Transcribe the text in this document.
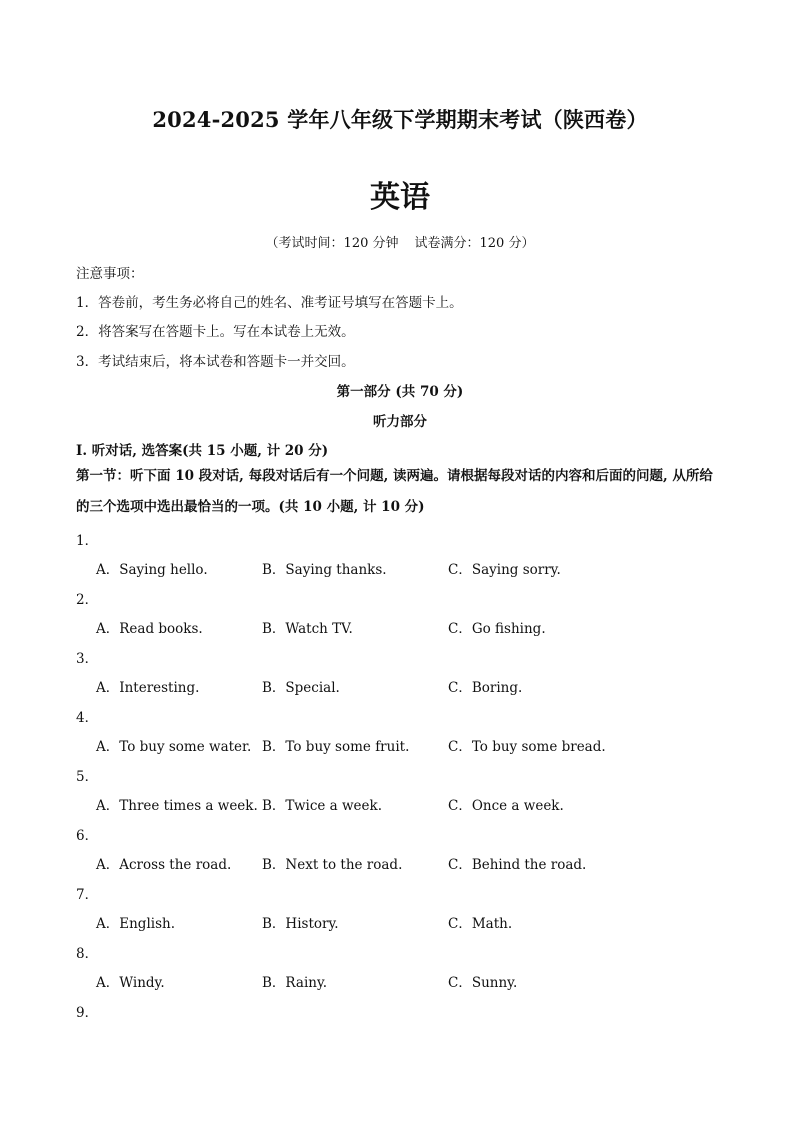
2024-2025 学年八年级下学期期末考试（陕西卷）
英语
（考试时间：120 分钟 试卷满分：120 分）
注意事项：
1．答卷前，考生务必将自己的姓名、准考证号填写在答题卡上。
2．将答案写在答题卡上。写在本试卷上无效。
3．考试结束后，将本试卷和答题卡一并交回。
第一部分 (共 70 分)
听力部分
I. 听对话, 选答案(共 15 小题, 计 20 分)
第一节：听下面 10 段对话, 每段对话后有一个问题, 读两遍。请根据每段对话的内容和后面的问题, 从所给的三个选项中选出最恰当的一项。(共 10 小题, 计 10 分)
1．
A．Saying hello.	B．Saying thanks.	C．Saying sorry.
2．
A．Read books.	B．Watch TV.	C．Go fishing.
3．
A．Interesting.	B．Special.	C．Boring.
4．
A．To buy some water. B．To buy some fruit.	C．To buy some bread.
5．
A．Three times a week. B．Twice a week.	C．Once a week.
6．
A．Across the road. B．Next to the road.	C．Behind the road.
7．
A．English.	B．History.	C．Math.
8．
A．Windy.	B．Rainy.	C．Sunny.
9．
